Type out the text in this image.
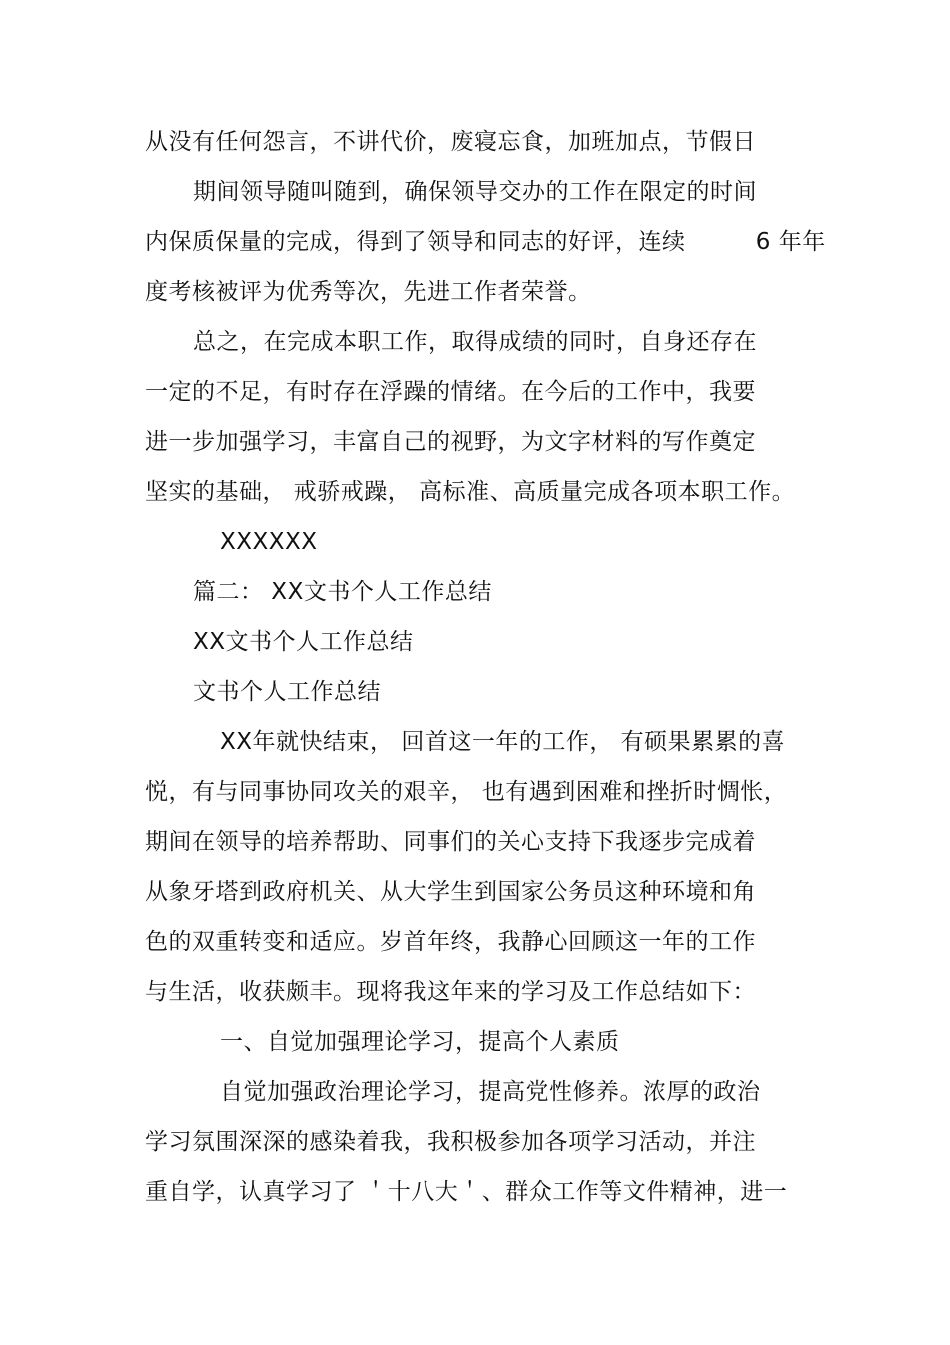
从没有任何怨言，不讲代价，废寝忘食，加班加点，节假日
期间领导随叫随到，确保领导交办的工作在限定的时间
内保质保量的完成，得到了领导和同志的好评，连续         6 年年
度考核被评为优秀等次，先进工作者荣誉。
总之，在完成本职工作，取得成绩的同时，自身还存在
一定的不足，有时存在浮躁的情绪。在今后的工作中，我要
进一步加强学习，丰富自己的视野，为文字材料的写作奠定
坚实的基础， 戒骄戒躁， 高标准、高质量完成各项本职工作。
XXXXXX
篇二： XX文书个人工作总结
XX文书个人工作总结
文书个人工作总结
XX年就快结束， 回首这一年的工作， 有硕果累累的喜
悦，有与同事协同攻关的艰辛， 也有遇到困难和挫折时惆怅，
期间在领导的培养帮助、同事们的关心支持下我逐步完成着
从象牙塔到政府机关、从大学生到国家公务员这种环境和角
色的双重转变和适应。岁首年终，我静心回顾这一年的工作
与生活，收获颇丰。现将我这年来的学习及工作总结如下：
一、自觉加强理论学习，提高个人素质
自觉加强政治理论学习，提高党性修养。浓厚的政治
学习氛围深深的感染着我，我积极参加各项学习活动，并注
重自学，认真学习了 ＇十八大＇、群众工作等文件精神，进一
